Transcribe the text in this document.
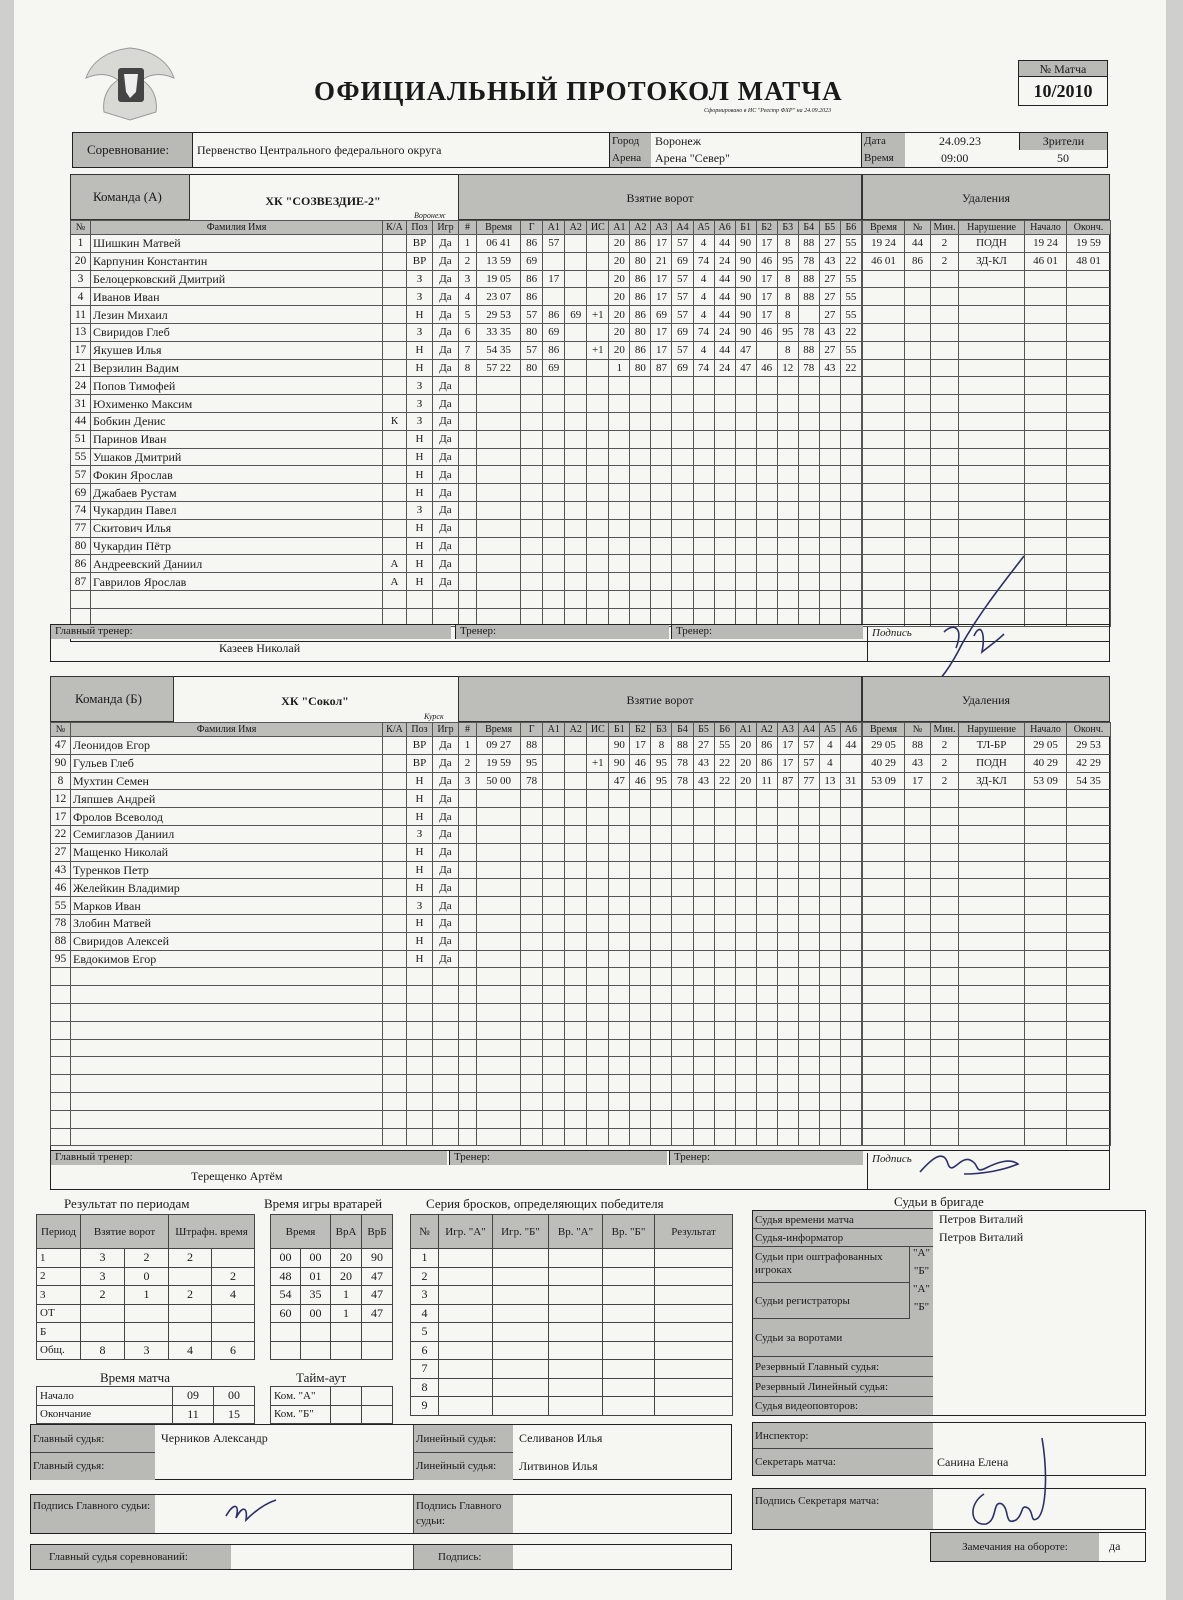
ОФИЦИАЛЬНЫЙ ПРОТОКОЛ МАТЧА
Сформировано в ИС "Реестр ФХР" на 24.09.2023
№ Матча
10/2010
Соревнование:	Первенство Центрального федерального округа
Город	Воронеж
Арена	Арена "Север"
Дата	24.09.23
Время	09:00
Зрители
50
Команда (А)	ХК "СОЗВЕЗДИЕ-2"
Воронеж
Взятие ворот	Удаления
№	Фамилия Имя	К/А	Поз	Игр
1	Шишкин Матвей		ВР	Да
20	Карпунин Константин		ВР	Да
3	Белоцерковский Дмитрий		З	Да
4	Иванов Иван		З	Да
11	Лезин Михаил		Н	Да
13	Свиридов Глеб		З	Да
17	Якушев Илья		Н	Да
21	Верзилин Вадим		Н	Да
24	Попов Тимофей		З	Да
31	Юхименко Максим		З	Да
44	Бобкин Денис	К	З	Да
51	Паринов Иван		Н	Да
55	Ушаков Дмитрий		Н	Да
57	Фокин Ярослав		Н	Да
69	Джабаев Рустам		Н	Да
74	Чукардин Павел		З	Да
77	Скитович Илья		Н	Да
80	Чукардин Пётр		Н	Да
86	Андреевский Даниил	А	Н	Да
87	Гаврилов Ярослав	А	Н	Да

#	Время	Г	А1	А2	ИС	А1	А2	А3	А4	А5	А6	Б1	Б2	Б3	Б4	Б5	Б6
1	06 41	86	57			20	86	17	57	4	44	90	17	8	88	27	55
2	13 59	69				20	80	21	69	74	24	90	46	95	78	43	22
3	19 05	86	17			20	86	17	57	4	44	90	17	8	88	27	55
4	23 07	86				20	86	17	57	4	44	90	17	8	88	27	55
5	29 53	57	86	69	+1	20	86	69	57	4	44	90	17	8		27	55
6	33 35	80	69			20	80	17	69	74	24	90	46	95	78	43	22
7	54 35	57	86		+1	20	86	17	57	4	44	47		8	88	27	55
8	57 22	80	69			1	80	87	69	74	24	47	46	12	78	43	22

Время	№	Мин.	Нарушение	Начало	Оконч.
19 24	44	2	ПОДН	19 24	19 59
46 01	86	2	ЗД-КЛ	46 01	48 01

Главный тренер:
Казеев Николай
Тренер:	Тренер:	Подпись
Команда (Б)	ХК "Сокол"
Курск
Взятие ворот	Удаления
№	Фамилия Имя	К/А	Поз	Игр
47	Леонидов Егор		ВР	Да
90	Гульев Глеб		ВР	Да
8	Мухтин Семен		Н	Да
12	Ляпшев Андрей		Н	Да
17	Фролов Всеволод		Н	Да
22	Семиглазов Даниил		З	Да
27	Мащенко Николай		Н	Да
43	Туренков Петр		Н	Да
46	Желейкин Владимир		Н	Да
55	Марков Иван		З	Да
78	Злобин Матвей		Н	Да
88	Свиридов Алексей		Н	Да
95	Евдокимов Егор		Н	Да

#	Время	Г	А1	А2	ИС	Б1	Б2	Б3	Б4	Б5	Б6	А1	А2	А3	А4	А5	А6
1	09 27	88				90	17	8	88	27	55	20	86	17	57	4	44
2	19 59	95			+1	90	46	95	78	43	22	20	86	17	57	4	
3	50 00	78				47	46	95	78	43	22	20	11	87	77	13	31

Время	№	Мин.	Нарушение	Начало	Оконч.
29 05	88	2	ТЛ-БР	29 05	29 53
40 29	43	2	ПОДН	40 29	42 29
53 09	17	2	ЗД-КЛ	53 09	54 35

Главный тренер:
Терещенко Артём
Тренер:	Тренер:	Подпись
Результат по периодам
Период	Взятие ворот		Штрафн. время	
1	3	2	2	
2	3	0		2
3	2	1	2	4
ОТ				
Б				
Общ.	8	3	4	6
Время игры вратарей
Время		ВрА	ВрБ
00	00	20	90
48	01	20	47
54	35	1	47
60	00	1	47

Время матча
Начало	09	00
Окончание	11	15
Тайм-аут
Ком. "А"		
Ком. "Б"		
Серия бросков, определяющих победителя
№	Игр. "А"	Игр. "Б"	Вр. "А"	Вр. "Б"	Результат
1					
2					
3					
4					
5					
6					
7					
8					
9					
Судьи в бригаде
Судья времени матча	Петров Виталий
Судья-информатор	Петров Виталий
Судьи при оштрафованных игроках
"А"
"Б"
Судьи регистраторы
"А"
"Б"
Судьи за воротами
Резервный Главный судья:
Резервный Линейный судья:
Судья видеоповторов:
Главный судья:	Черников Александр
Главный судья:
Линейный судья:	Селиванов Илья
Линейный судья:	Литвинов Илья
Инспектор:
Секретарь матча:	Санина Елена
Подпись Главного судьи:	Подпись Главного судьи:
Подпись Секретаря матча:
Главный судья соревнований:	Подпись:
Замечания на обороте:	да
